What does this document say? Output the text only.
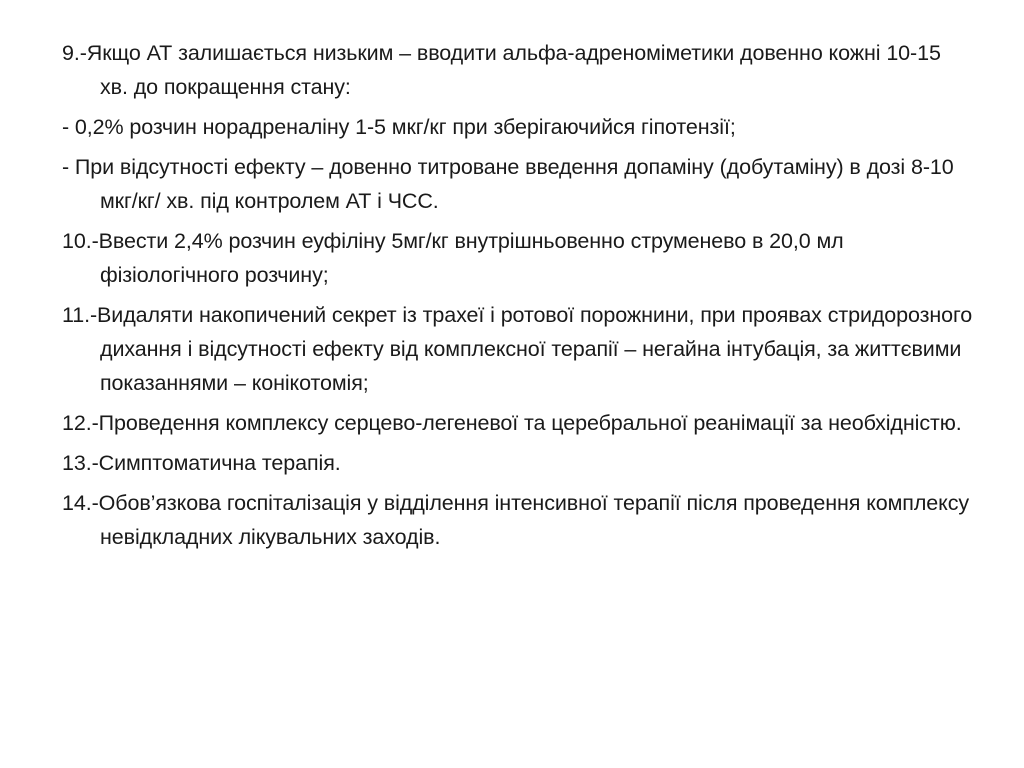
9.-Якщо АТ залишається низьким – вводити альфа-адреноміметики довенно кожні 10-15 хв. до покращення стану:
- 0,2% розчин норадреналіну 1-5 мкг/кг при зберігаючийся гіпотензії;
- При відсутності ефекту – довенно титроване введення допаміну (добутаміну) в дозі 8-10 мкг/кг/ хв. під контролем АТ і ЧСС.
10.-Ввести 2,4% розчин еуфіліну 5мг/кг внутрішньовенно струменево в 20,0 мл фізіологічного розчину;
11.-Видаляти накопичений секрет із трахеї і ротової порожнини, при проявах стридорозного дихання і відсутності ефекту від комплексної терапії – негайна інтубація, за життєвими показаннями – конікотомія;
12.-Проведення комплексу серцево-легеневої та церебральної реанімації за необхідністю.
13.-Симптоматична терапія.
14.-Обов’язкова госпіталізація у відділення інтенсивної терапії після проведення комплексу невідкладних лікувальних заходів.
